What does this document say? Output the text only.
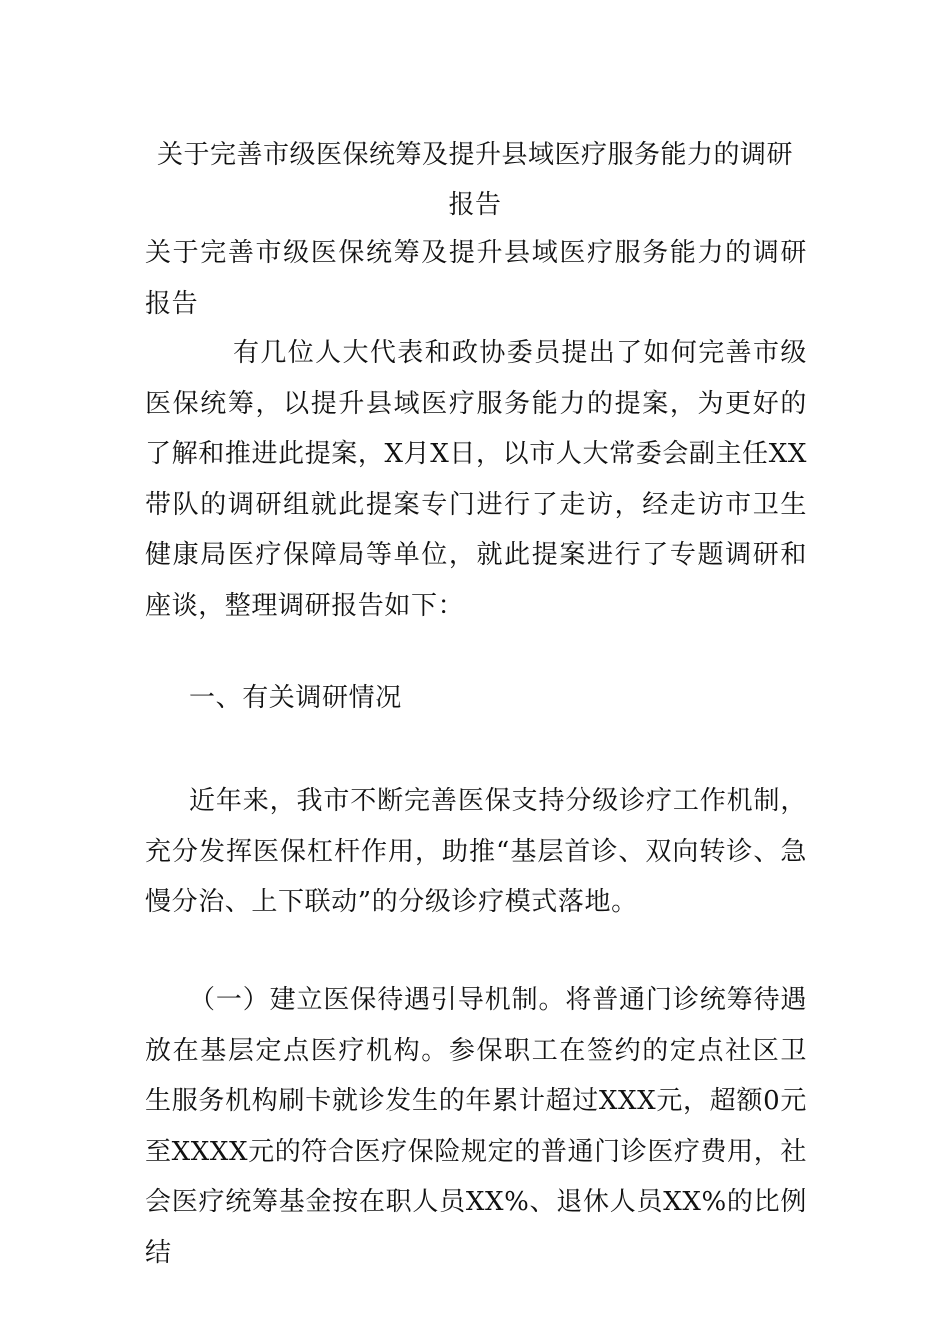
关于完善市级医保统筹及提升县域医疗服务能力的调研报告
关于完善市级医保统筹及提升县域医疗服务能力的调研报告
有几位人大代表和政协委员提出了如何完善市级医保统筹，以提升县域医疗服务能力的提案，为更好的了解和推进此提案，X月X日，以市人大常委会副主任XX带队的调研组就此提案专门进行了走访，经走访市卫生健康局医疗保障局等单位，就此提案进行了专题调研和座谈，整理调研报告如下：
一、有关调研情况
近年来，我市不断完善医保支持分级诊疗工作机制，充分发挥医保杠杆作用，助推“基层首诊、双向转诊、急慢分治、上下联动”的分级诊疗模式落地。
（一）建立医保待遇引导机制。将普通门诊统筹待遇放在基层定点医疗机构。参保职工在签约的定点社区卫生服务机构刷卡就诊发生的年累计超过XXX元，超额0元至XXXX元的符合医疗保险规定的普通门诊医疗费用，社会医疗统筹基金按在职人员XX%、退休人员XX%的比例结
